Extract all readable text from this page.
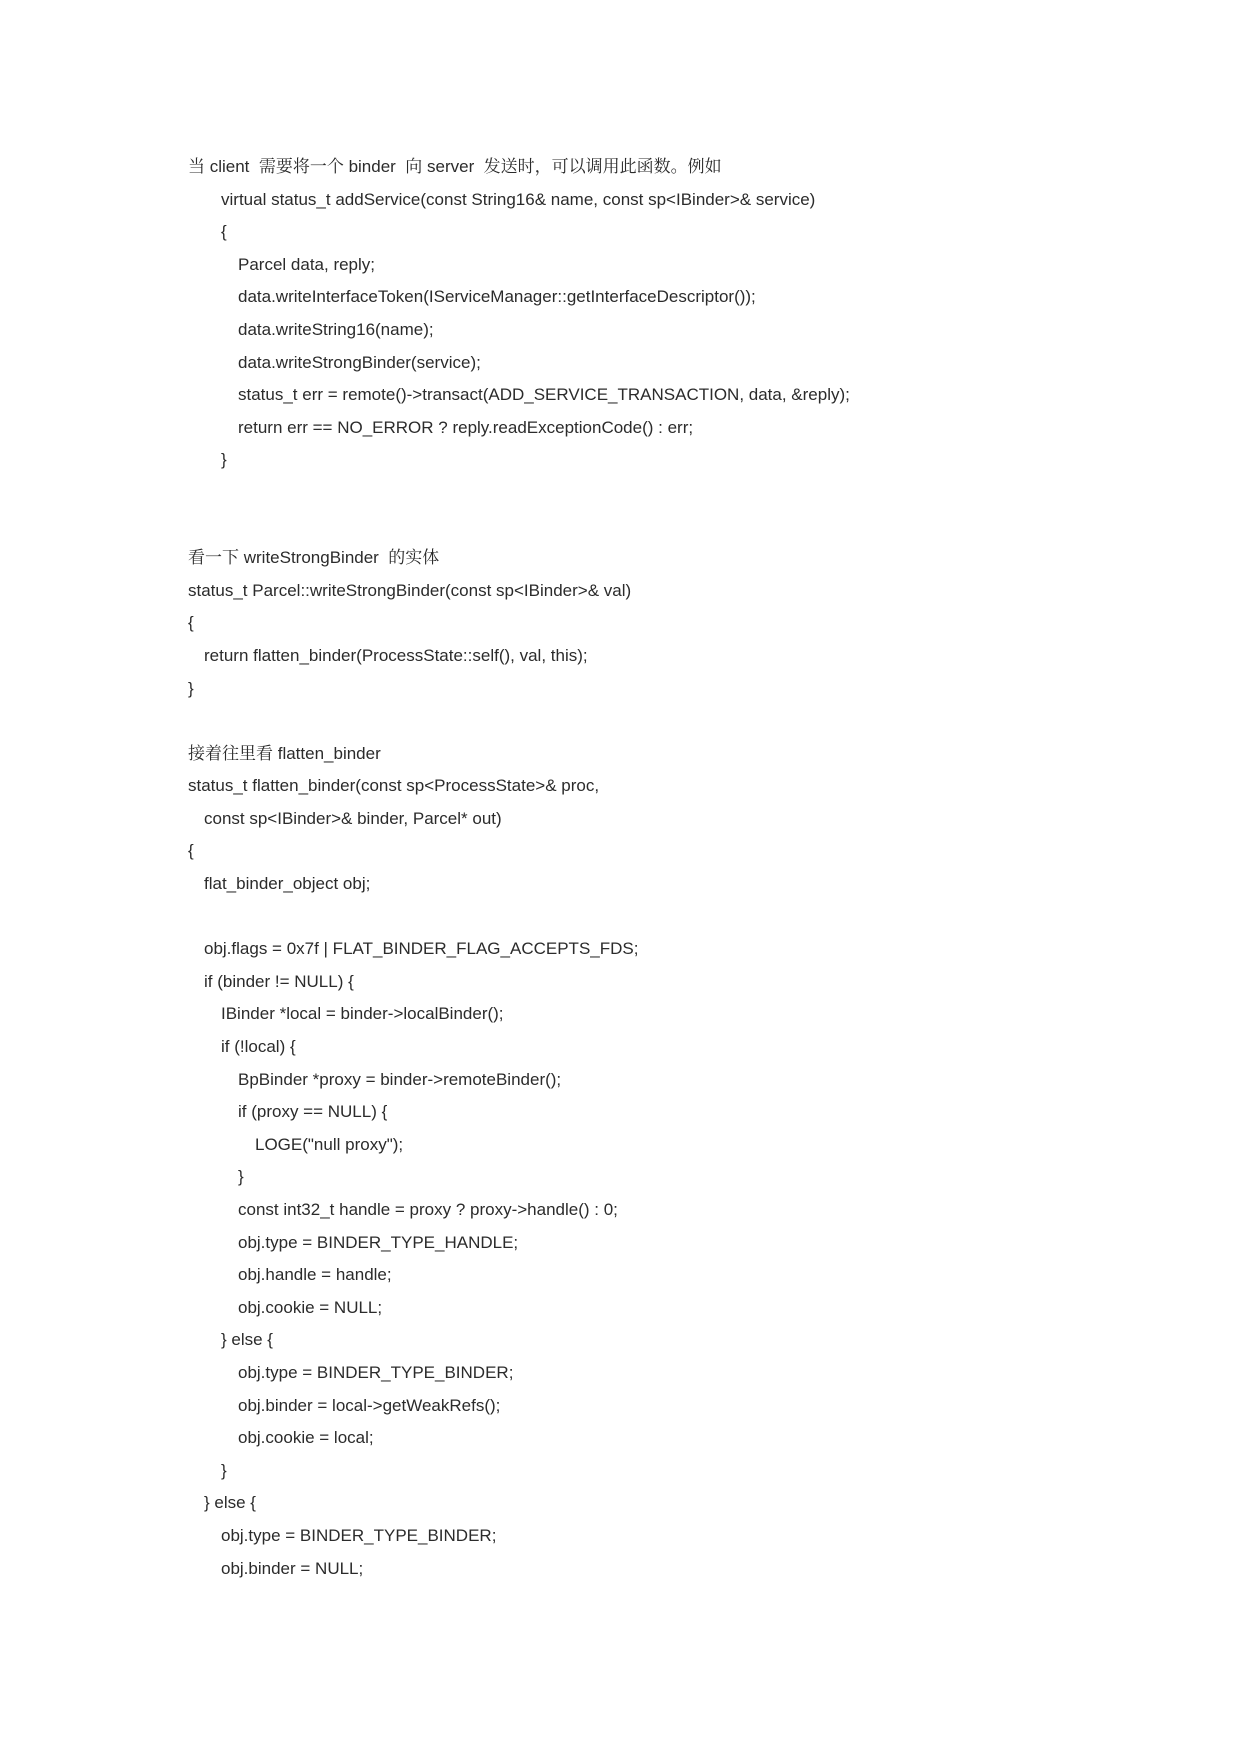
当 client  需要将一个 binder  向 server  发送时，可以调用此函数。例如
virtual status_t addService(const String16& name, const sp<IBinder>& service)
{
Parcel data, reply;
data.writeInterfaceToken(IServiceManager::getInterfaceDescriptor());
data.writeString16(name);
data.writeStrongBinder(service);
status_t err = remote()->transact(ADD_SERVICE_TRANSACTION, data, &reply);
return err == NO_ERROR ? reply.readExceptionCode() : err;
}
看一下 writeStrongBinder  的实体
status_t Parcel::writeStrongBinder(const sp<IBinder>& val)
{
return flatten_binder(ProcessState::self(), val, this);
}
接着往里看 flatten_binder
status_t flatten_binder(const sp<ProcessState>& proc,
const sp<IBinder>& binder, Parcel* out)
{
flat_binder_object obj;
obj.flags = 0x7f | FLAT_BINDER_FLAG_ACCEPTS_FDS;
if (binder != NULL) {
IBinder *local = binder->localBinder();
if (!local) {
BpBinder *proxy = binder->remoteBinder();
if (proxy == NULL) {
LOGE("null proxy");
}
const int32_t handle = proxy ? proxy->handle() : 0;
obj.type = BINDER_TYPE_HANDLE;
obj.handle = handle;
obj.cookie = NULL;
} else {
obj.type = BINDER_TYPE_BINDER;
obj.binder = local->getWeakRefs();
obj.cookie = local;
}
} else {
obj.type = BINDER_TYPE_BINDER;
obj.binder = NULL;
